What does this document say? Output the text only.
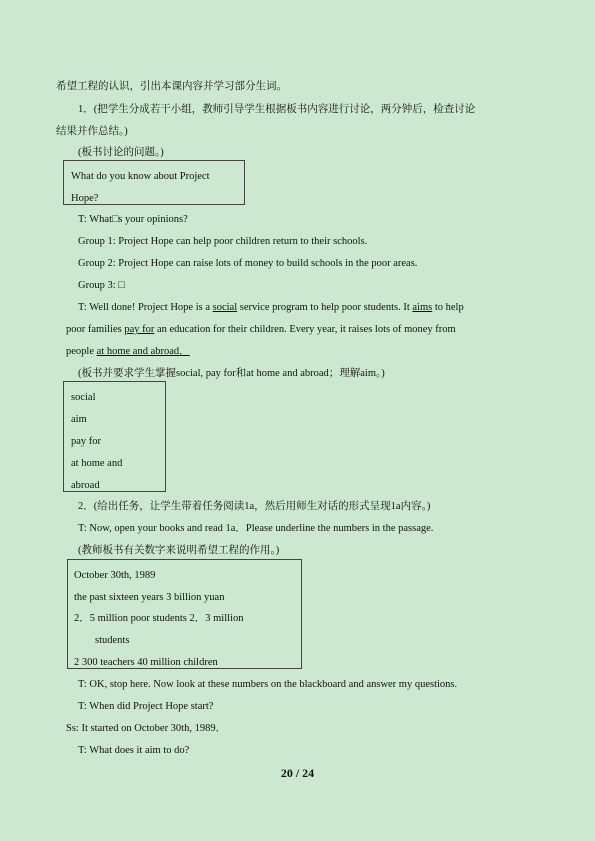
希望工程的认识，引出本课内容并学习部分生词。
1．(把学生分成若干小组，教师引导学生根据板书内容进行讨论，两分钟后，检查讨论
结果并作总结。)
(板书讨论的问题。)
What do you know about Project
Hope?
T: What□s your opinions?
Group 1: Project Hope can help poor children return to their schools.
Group 2: Project Hope can raise lots of money to build schools in the poor areas.
Group 3: □
T: Well done! Project Hope is a social service program to help poor students. It aims to help
poor families pay for an education for their children. Every year, it raises lots of money from
people at home and abroad．
(板书并要求学生掌握social, pay for和at home and abroad；理解aim。)
social
aim
pay for
at home and
abroad
2．(给出任务，让学生带着任务阅读1a，然后用师生对话的形式呈现1a内容。)
T: Now, open your books and read 1a．Please underline the numbers in the passage.
(教师板书有关数字来说明希望工程的作用。)
October 30th, 1989
the past sixteen years 3 billion yuan
2．5 million poor students 2．3 million
students
2 300 teachers 40 million children
T: OK, stop here. Now look at these numbers on the blackboard and answer my questions.
T: When did Project Hope start?
Ss: It started on October 30th, 1989．
T: What does it aim to do?
20 / 24
